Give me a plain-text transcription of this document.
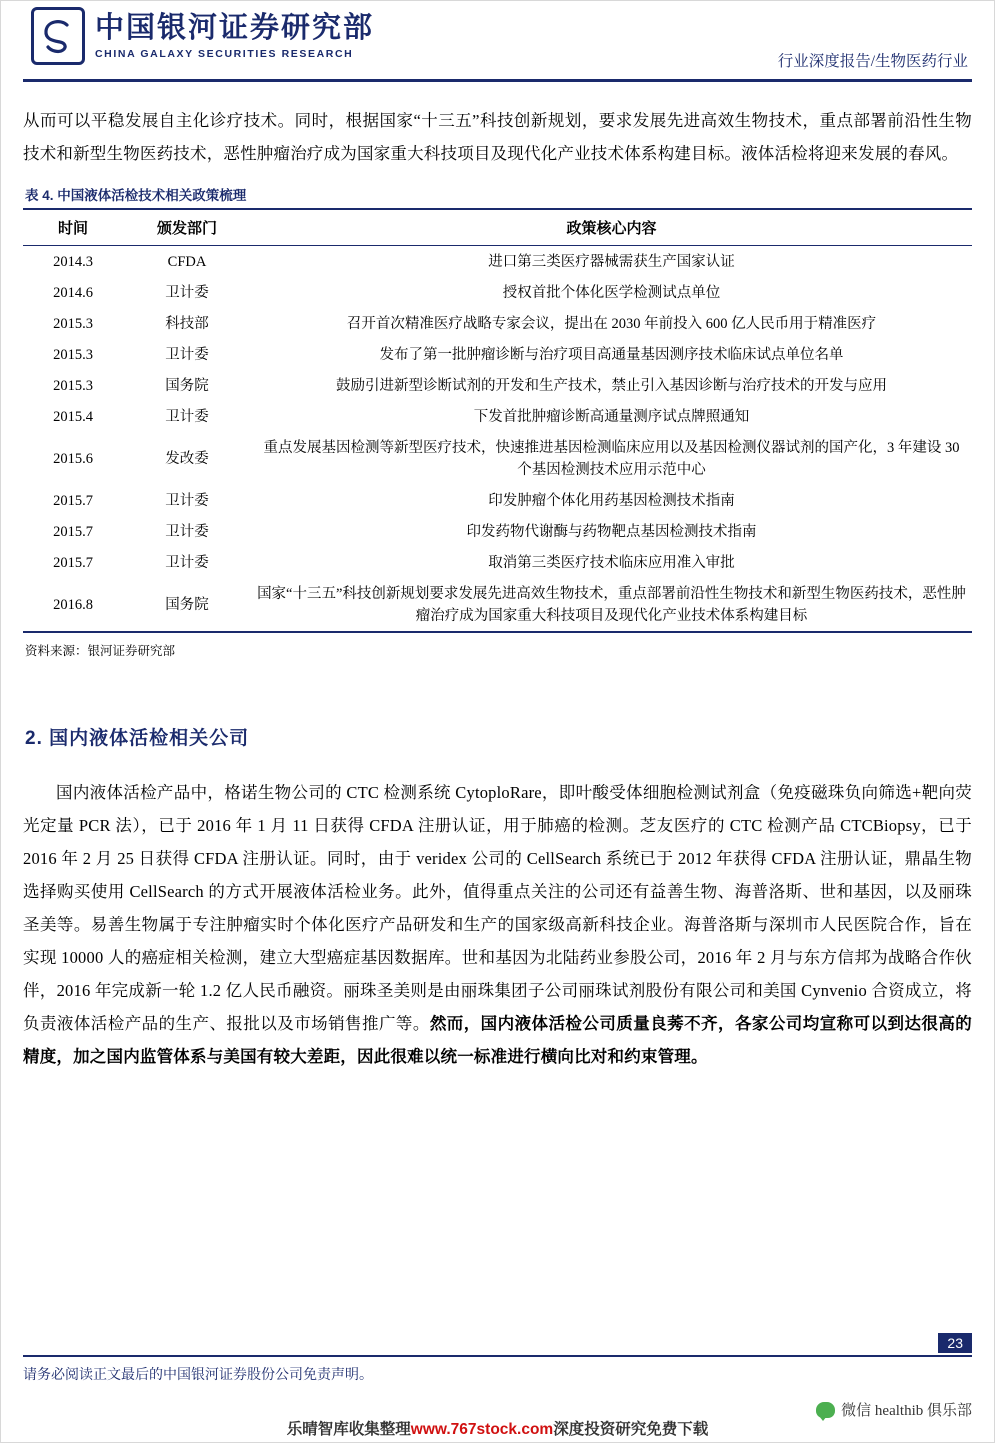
中国银河证券研究部
CHINA GALAXY SECURITIES RESEARCH	行业深度报告/生物医药行业

从而可以平稳发展自主化诊疗技术。同时，根据国家“十三五”科技创新规划，要求发展先进高效生物技术，重点部署前沿性生物技术和新型生物医药技术，恶性肿瘤治疗成为国家重大科技项目及现代化产业技术体系构建目标。液体活检将迎来发展的春风。

表 4. 中国液体活检技术相关政策梳理
时间	颁发部门	政策核心内容
2014.3	CFDA	进口第三类医疗器械需获生产国家认证
2014.6	卫计委	授权首批个体化医学检测试点单位
2015.3	科技部	召开首次精准医疗战略专家会议，提出在 2030 年前投入 600 亿人民币用于精准医疗
2015.3	卫计委	发布了第一批肿瘤诊断与治疗项目高通量基因测序技术临床试点单位名单
2015.3	国务院	鼓励引进新型诊断试剂的开发和生产技术，禁止引入基因诊断与治疗技术的开发与应用
2015.4	卫计委	下发首批肿瘤诊断高通量测序试点牌照通知
2015.6	发改委	重点发展基因检测等新型医疗技术，快速推进基因检测临床应用以及基因检测仪器试剂的国产化，3 年建设 30 个基因检测技术应用示范中心
2015.7	卫计委	印发肿瘤个体化用药基因检测技术指南
2015.7	卫计委	印发药物代谢酶与药物靶点基因检测技术指南
2015.7	卫计委	取消第三类医疗技术临床应用准入审批
2016.8	国务院	国家“十三五”科技创新规划要求发展先进高效生物技术，重点部署前沿性生物技术和新型生物医药技术，恶性肿瘤治疗成为国家重大科技项目及现代化产业技术体系构建目标
资料来源：银河证券研究部
2. 国内液体活检相关公司

国内液体活检产品中，格诺生物公司的 CTC 检测系统 CytoploRare，即叶酸受体细胞检测试剂盒（免疫磁珠负向筛选+靶向荧光定量 PCR 法），已于 2016 年 1 月 11 日获得 CFDA 注册认证，用于肺癌的检测。芝友医疗的 CTC 检测产品 CTCBiopsy，已于 2016 年 2 月 25 日获得 CFDA 注册认证。同时，由于 veridex 公司的 CellSearch 系统已于 2012 年获得 CFDA 注册认证，鼎晶生物选择购买使用 CellSearch 的方式开展液体活检业务。此外，值得重点关注的公司还有益善生物、海普洛斯、世和基因，以及丽珠圣美等。易善生物属于专注肿瘤实时个体化医疗产品研发和生产的国家级高新科技企业。海普洛斯与深圳市人民医院合作，旨在实现 10000 人的癌症相关检测，建立大型癌症基因数据库。世和基因为北陆药业参股公司，2016 年 2 月与东方信邦为战略合作伙伴，2016 年完成新一轮 1.2 亿人民币融资。丽珠圣美则是由丽珠集团子公司丽珠试剂股份有限公司和美国 Cynvenio 合资成立，将负责液体活检产品的生产、报批以及市场销售推广等。然而，国内液体活检公司质量良莠不齐，各家公司均宣称可以到达很高的精度，加之国内监管体系与美国有较大差距，因此很难以统一标准进行横向比对和约束管理。

请务必阅读正文最后的中国银河证券股份公司免责声明。
23
微信 healthib 俱乐部
乐晴智库收集整理www.767stock.com深度投资研究免费下载
